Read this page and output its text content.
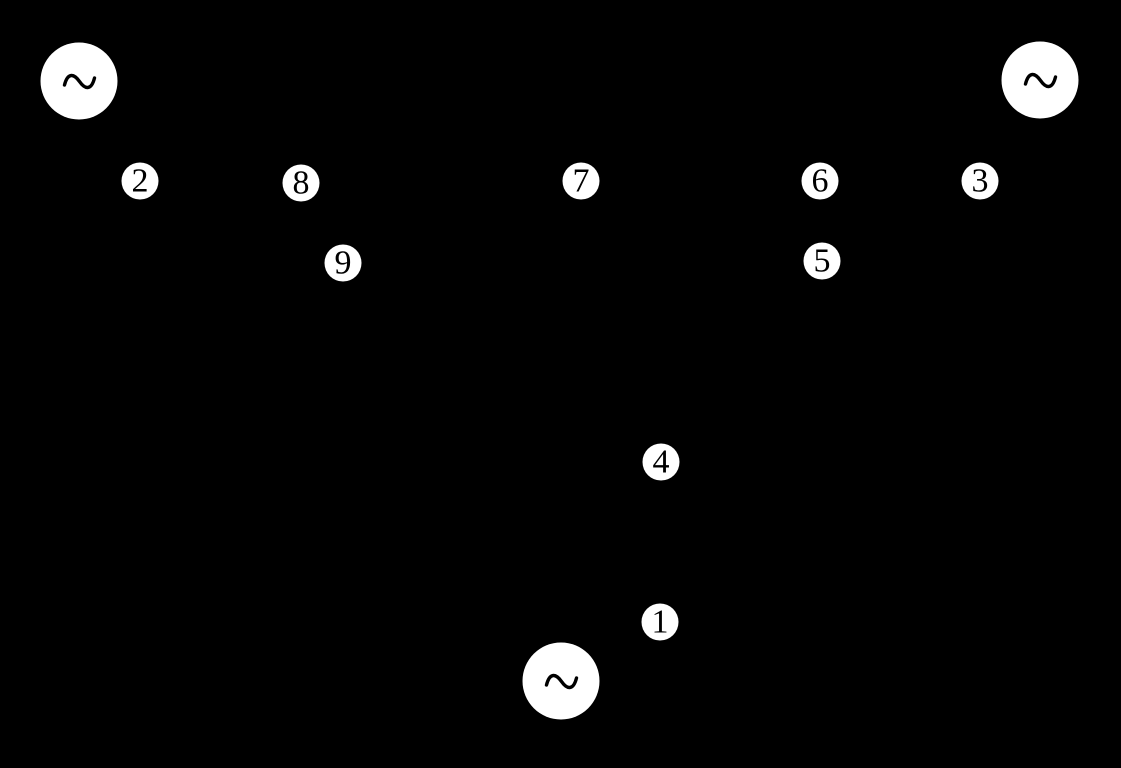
1
2	3
4
5
6
7
8
9
